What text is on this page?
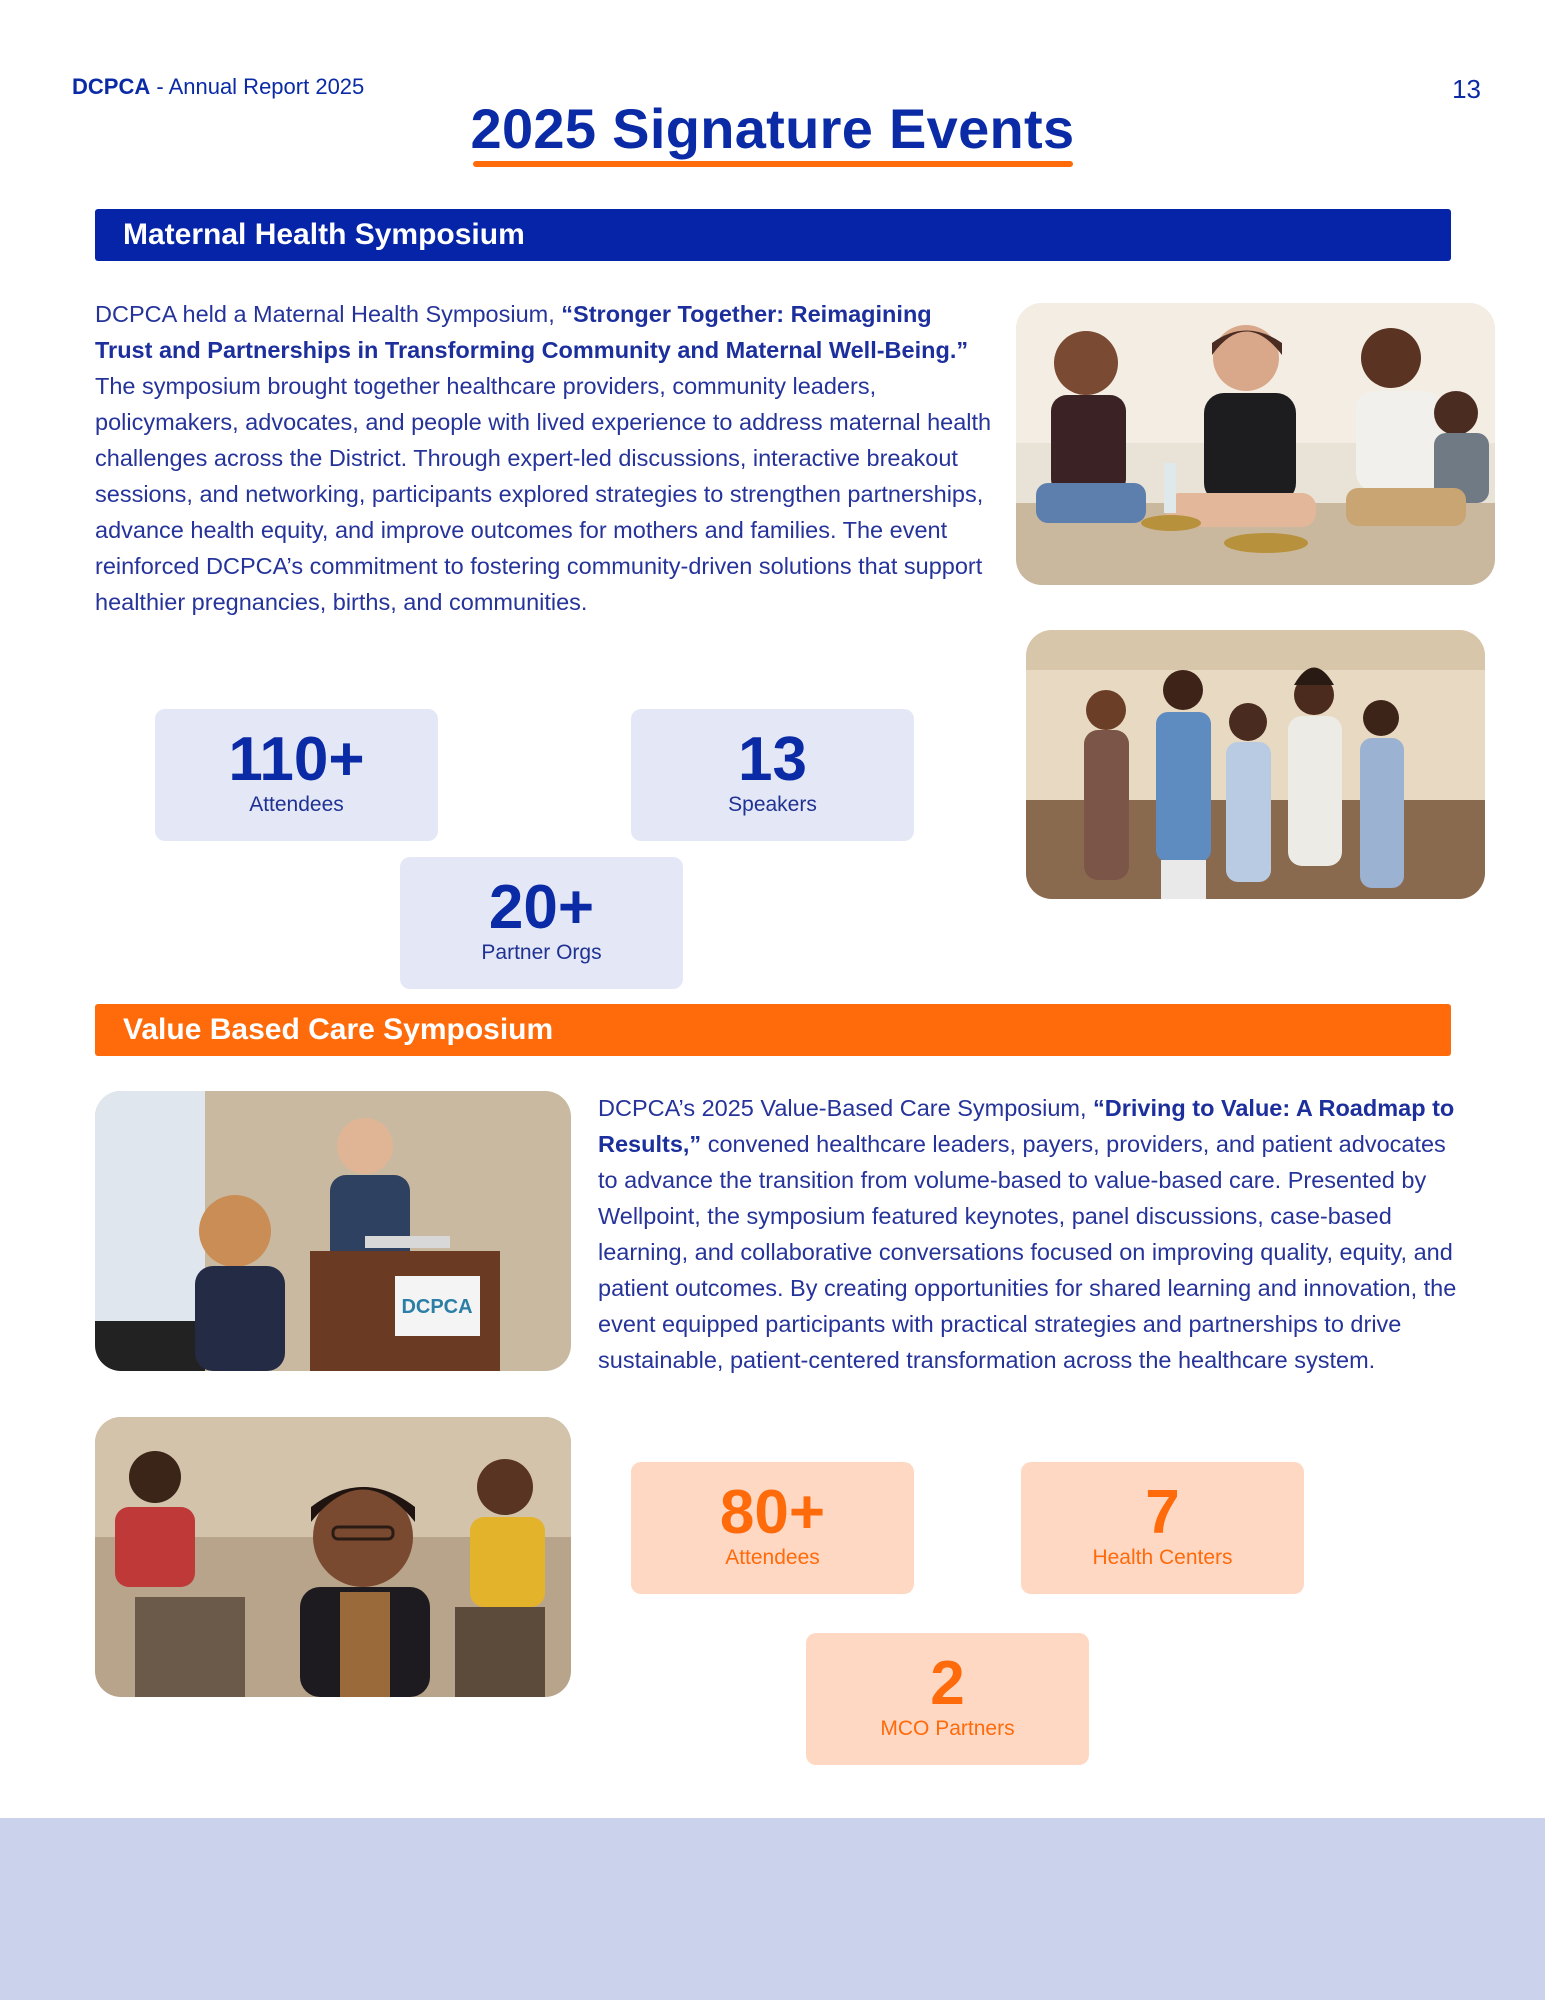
DCPCA - Annual Report 2025	13
2025 Signature Events
Maternal Health Symposium
DCPCA held a Maternal Health Symposium, “Stronger Together: Reimagining Trust and Partnerships in Transforming Community and Maternal Well-Being.” The symposium brought together healthcare providers, community leaders, policymakers, advocates, and people with lived experience to address maternal health challenges across the District. Through expert-led discussions, interactive breakout sessions, and networking, participants explored strategies to strengthen partnerships, advance health equity, and improve outcomes for mothers and families. The event reinforced DCPCA’s commitment to fostering community-driven solutions that support healthier pregnancies, births, and communities.
110+
Attendees
13
Speakers
20+
Partner Orgs
Value Based Care Symposium
DCPCA
DCPCA’s 2025 Value-Based Care Symposium, “Driving to Value: A Roadmap to Results,” convened healthcare leaders, payers, providers, and patient advocates to advance the transition from volume-based to value-based care. Presented by Wellpoint, the symposium featured keynotes, panel discussions, case-based learning, and collaborative conversations focused on improving quality, equity, and patient outcomes. By creating opportunities for shared learning and innovation, the event equipped participants with practical strategies and partnerships to drive sustainable, patient-centered transformation across the healthcare system.
80+
Attendees
7
Health Centers
2
MCO Partners
